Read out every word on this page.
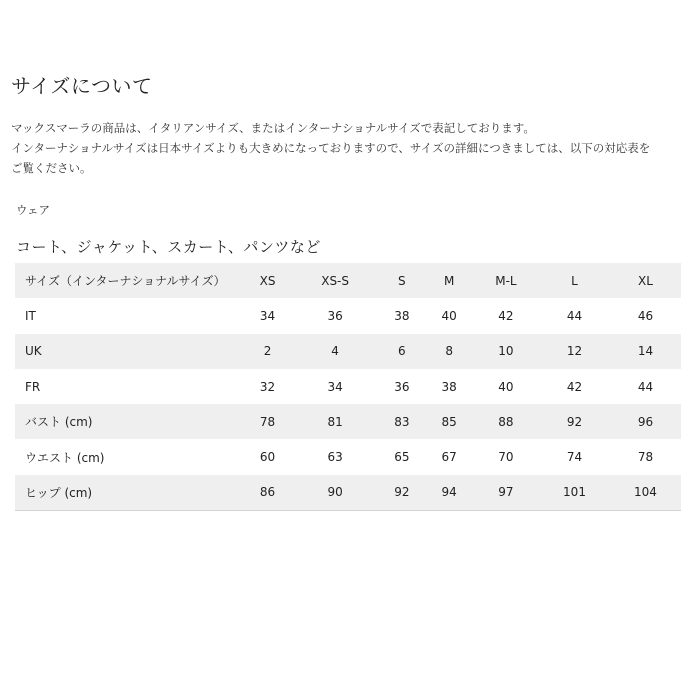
サイズについて

マックスマーラの商品は、イタリアンサイズ、またはインターナショナルサイズで表記しております。

インターナショナルサイズは日本サイズよりも大きめになっておりますので、サイズの詳細につきましては、以下の対応表を

ご覧ください。

ウェア
コート、ジャケット、スカート、パンツなど
サイズ（インターナショナルサイズ）	XS	XS-S	S	M	M-L	L	XL
IT	34	36	38	40	42	44	46
UK	2	4	6	8	10	12	14
FR	32	34	36	38	40	42	44
バスト (cm)	78	81	83	85	88	92	96
ウエスト (cm)	60	63	65	67	70	74	78
ヒップ (cm)	86	90	92	94	97	101	104
